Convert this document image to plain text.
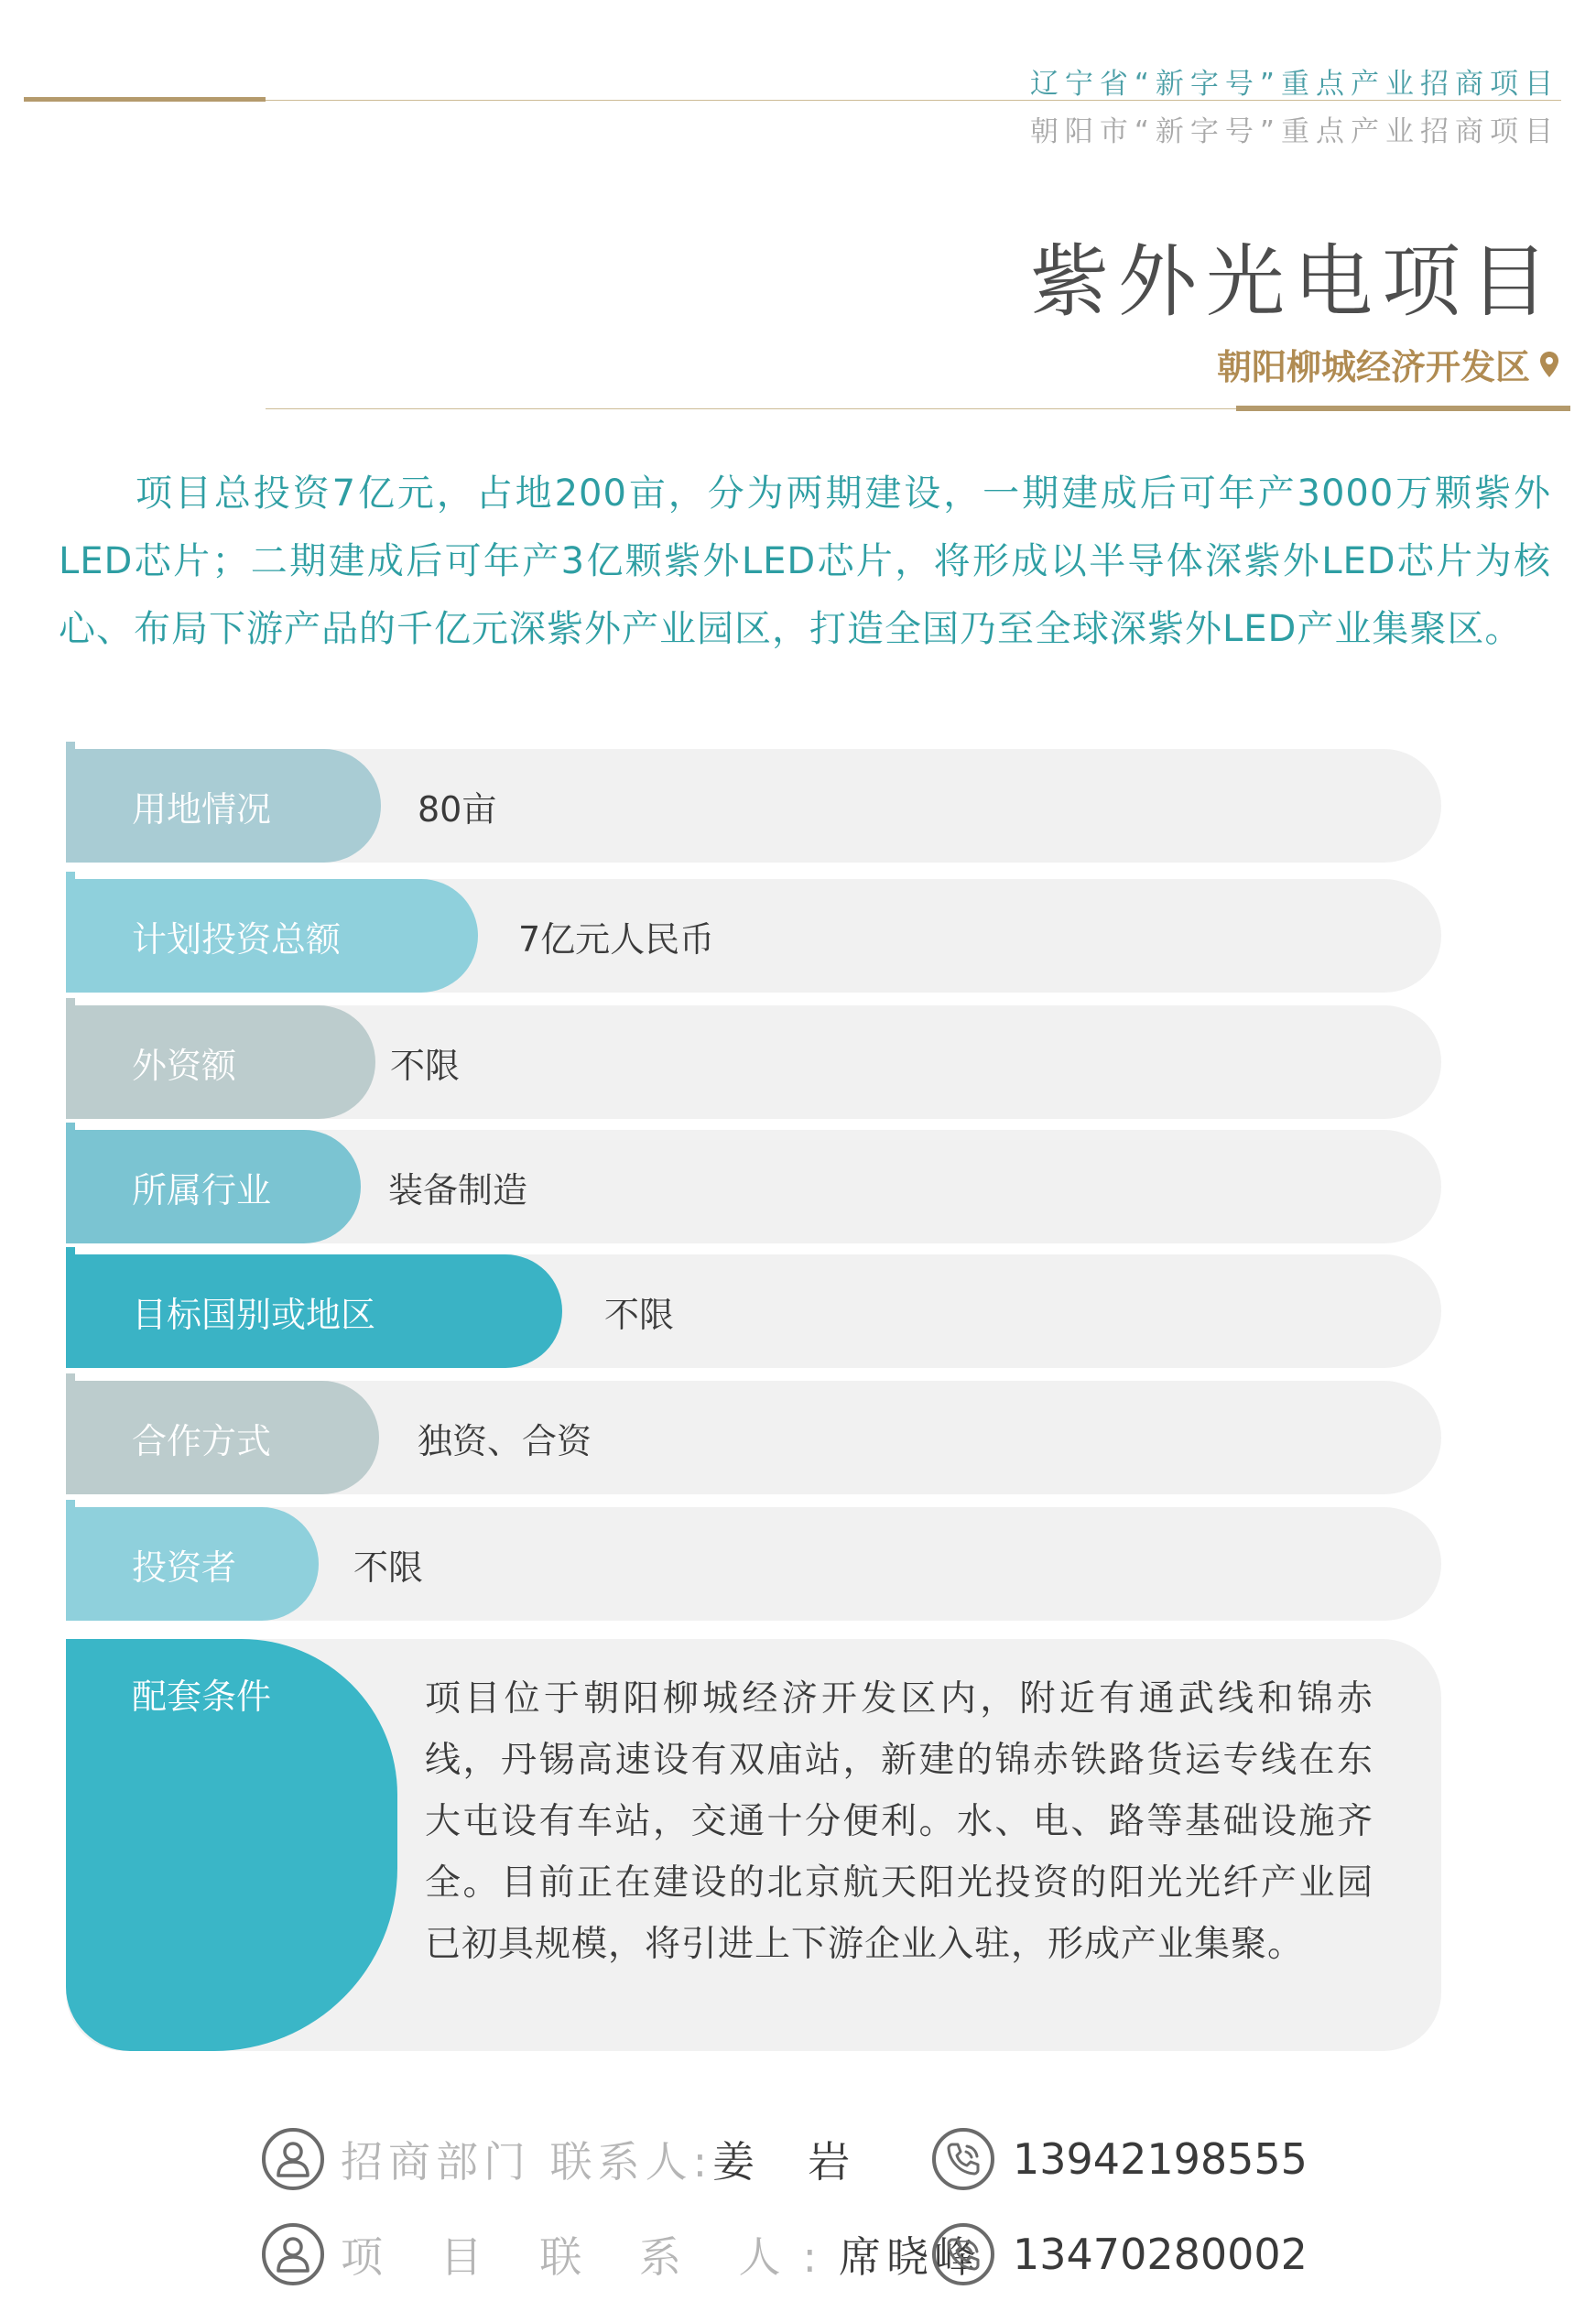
辽宁省“新字号”重点产业招商项目
朝阳市“新字号”重点产业招商项目
紫外光电项目
朝阳柳城经济开发区
项目总投资7亿元，占地200亩，分为两期建设，一期建成后可年产3000万颗紫外LED芯片；二期建成后可年产3亿颗紫外LED芯片，将形成以半导体深紫外LED芯片为核心、布局下游产品的千亿元深紫外产业园区，打造全国乃至全球深紫外LED产业集聚区。
用地情况	80亩
计划投资总额	7亿元人民币
外资额	不限
所属行业	装备制造
目标国别或地区	不限
合作方式	独资、合资
投资者	不限
配套条件	项目位于朝阳柳城经济开发区内，附近有通武线和锦赤线，丹锡高速设有双庙站，新建的锦赤铁路货运专线在东大屯设有车站，交通十分便利。水、电、路等基础设施齐全。目前正在建设的北京航天阳光投资的阳光光纤产业园已初具规模，将引进上下游企业入驻，形成产业集聚。
招商部门 联系人: 姜　岩	13942198555
项 目 联 系 人: 席晓峰 13470280002
